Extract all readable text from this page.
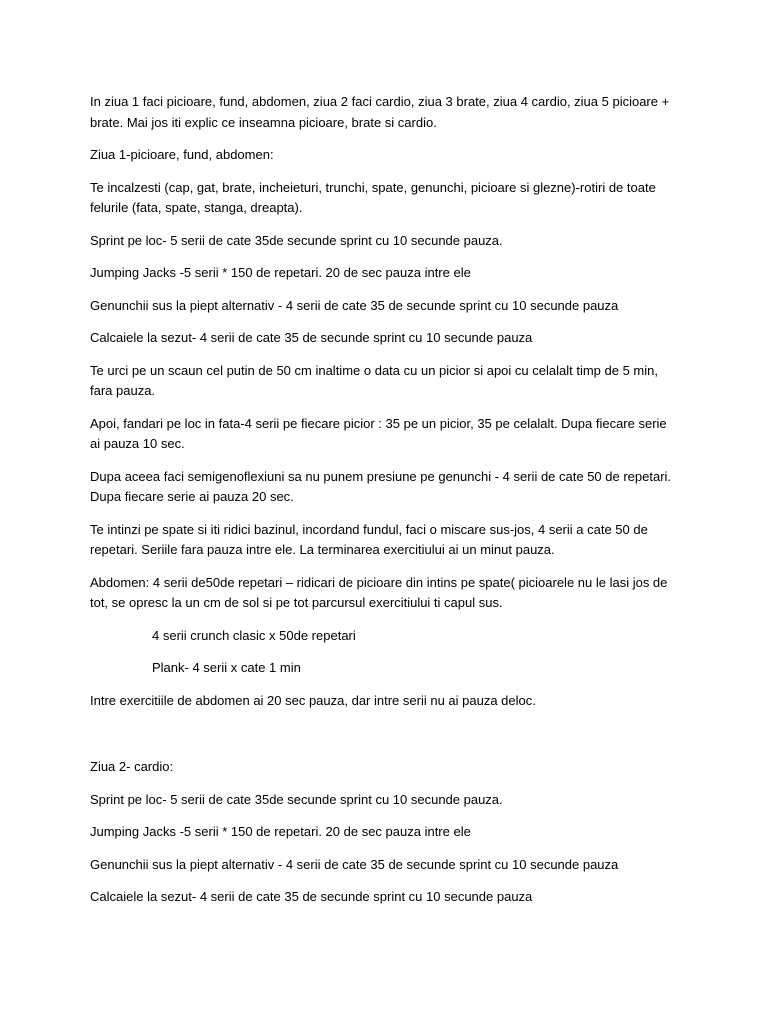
In ziua 1 faci picioare, fund, abdomen, ziua 2 faci cardio, ziua 3 brate, ziua 4 cardio, ziua 5 picioare + brate. Mai jos iti explic ce inseamna picioare, brate si cardio.

Ziua 1-picioare, fund, abdomen:

Te incalzesti (cap, gat, brate, incheieturi, trunchi, spate, genunchi, picioare si glezne)-rotiri de toate felurile (fata, spate, stanga, dreapta).

Sprint pe loc- 5 serii de cate 35de secunde sprint cu 10 secunde pauza.

Jumping Jacks -5 serii * 150 de repetari. 20 de sec pauza intre ele

Genunchii sus la piept alternativ - 4 serii de cate 35 de secunde sprint cu 10 secunde pauza

Calcaiele la sezut- 4 serii de cate 35 de secunde sprint cu 10 secunde pauza

Te urci pe un scaun cel putin de 50 cm inaltime o data cu un picior si apoi cu celalalt timp de 5 min, fara pauza.

Apoi, fandari pe loc in fata-4 serii pe fiecare picior : 35 pe un picior, 35 pe celalalt. Dupa fiecare serie ai pauza 10 sec.

Dupa aceea faci semigenoflexiuni sa nu punem presiune pe genunchi - 4 serii de cate 50 de repetari. Dupa fiecare serie ai pauza 20 sec.

Te intinzi pe spate si iti ridici bazinul, incordand fundul, faci o miscare sus-jos, 4 serii a cate 50 de repetari. Seriile fara pauza intre ele. La terminarea exercitiului ai un minut pauza.

Abdomen: 4 serii de50de repetari – ridicari de picioare din intins pe spate( picioarele nu le lasi jos de tot, se opresc la un cm de sol si pe tot parcursul exercitiului ti capul sus.

4 serii crunch clasic x 50de repetari

Plank- 4 serii x cate 1 min

Intre exercitiile de abdomen ai 20 sec pauza, dar intre serii nu ai pauza deloc.

Ziua 2- cardio:

Sprint pe loc- 5 serii de cate 35de secunde sprint cu 10 secunde pauza.

Jumping Jacks -5 serii * 150 de repetari. 20 de sec pauza intre ele

Genunchii sus la piept alternativ - 4 serii de cate 35 de secunde sprint cu 10 secunde pauza

Calcaiele la sezut- 4 serii de cate 35 de secunde sprint cu 10 secunde pauza
